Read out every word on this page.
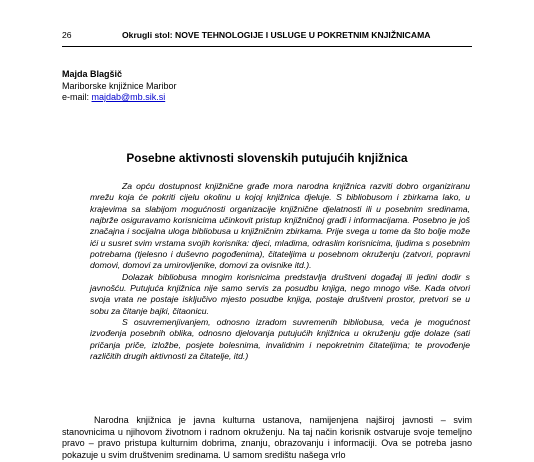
26	Okrugli stol: NOVE TEHNOLOGIJE I USLUGE U POKRETNIM KNJIŽNICAMA
Majda Blagšič
Mariborske knjižnice Maribor
e-mail: majdab@mb.sik.si
Posebne aktivnosti slovenskih putujućih knjižnica

Za opću dostupnost knjižnične građe mora narodna knjižnica razviti dobro organiziranu mrežu koja će pokriti cijelu okolinu u kojoj knjižnica djeluje. S bibliobusom i zbirkama lako, u krajevima sa slabijom mogućnosti organizacije knjižnične djelatnosti ili u posebnim sredinama, najbrže osiguravamo korisnicima učinkovit pristup knjižničnoj građi i informacijama. Posebno je još značajna i socijalna uloga bibliobusa u knjižničnim zbirkama. Prije svega u tome da što bolje može ići u susret svim vrstama svojih korisnika: djeci, mladima, odraslim korisnicima, ljudima s posebnim potrebama (tjelesno i duševno pogođenima), čitateljima u posebnom okruženju (zatvori, popravni domovi, domovi za umirovljenike, domovi za ovisnike itd.).

Dolazak bibliobusa mnogim korisnicima predstavlja društveni događaj ili jedini dodir s javnošću. Putujuća knjižnica nije samo servis za posudbu knjiga, nego mnogo više. Kada otvori svoja vrata ne postaje isključivo mjesto posudbe knjiga, postaje društveni prostor, pretvori se u sobu za čitanje bajki, čitaonicu.

S osuvremenjivanjem, odnosno izradom suvremenih bibliobusa, veća je mogućnost izvođenja posebnih oblika, odnosno djelovanja putujućih knjižnica u okruženju gdje dolaze (sati pričanja priče, izložbe, posjete bolesnima, invalidnim i nepokretnim čitateljima; te provođenje različitih drugih aktivnosti za čitatelje, itd.)

Narodna knjižnica je javna kulturna ustanova, namijenjena najširoj javnosti – svim stanovnicima u njihovom životnom i radnom okruženju. Na taj način korisnik ostvaruje svoje temeljno pravo – pravo pristupa kulturnim dobrima, znanju, obrazovanju i informaciji. Ova se potreba jasno pokazuje u svim društvenim sredinama. U samom središtu našega vrlo
